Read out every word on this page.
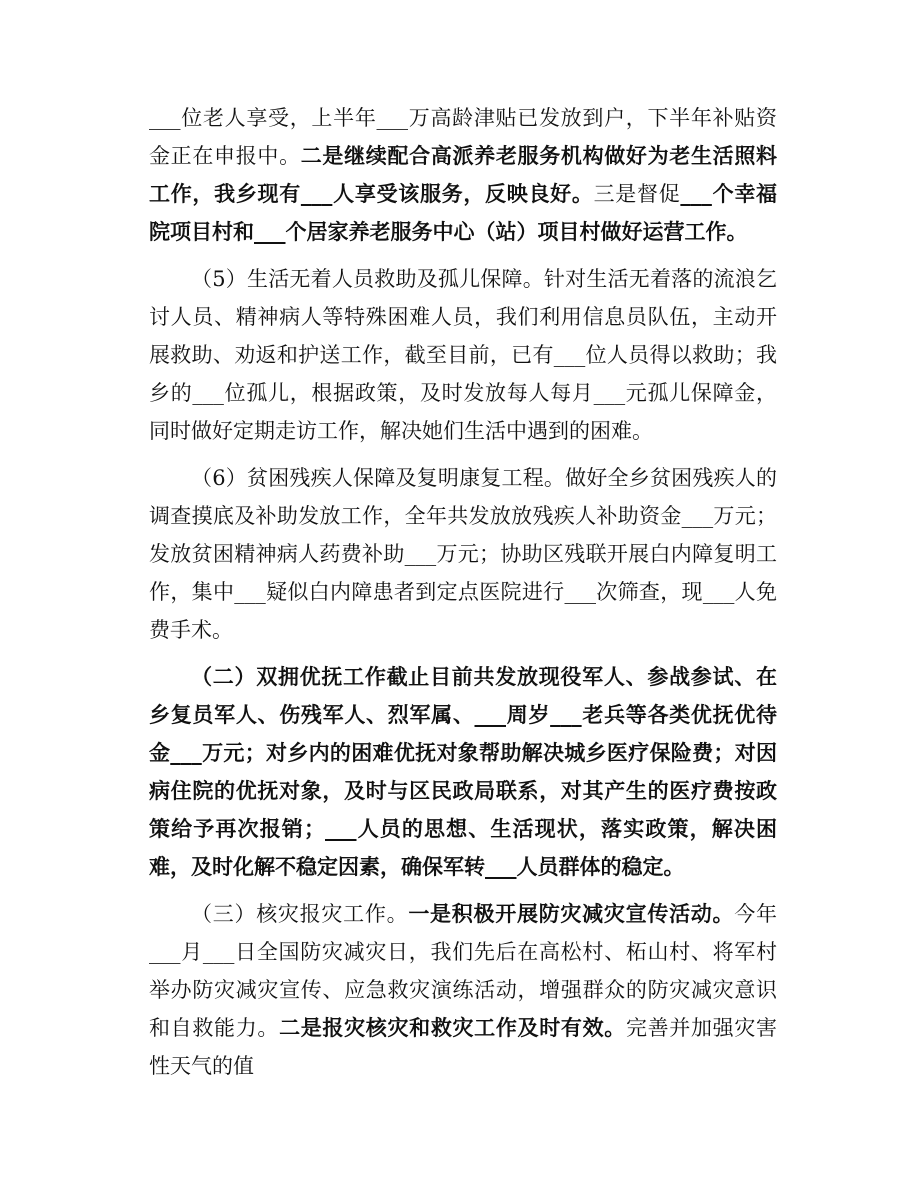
___位老人享受，上半年___万高龄津贴已发放到户，下半年补贴资金正在申报中。二是继续配合高派养老服务机构做好为老生活照料工作，我乡现有___人享受该服务，反映良好。三是督促___个幸福院项目村和___个居家养老服务中心（站）项目村做好运营工作。

（5）生活无着人员救助及孤儿保障。针对生活无着落的流浪乞讨人员、精神病人等特殊困难人员，我们利用信息员队伍，主动开展救助、劝返和护送工作，截至目前，已有___位人员得以救助；我乡的___位孤儿，根据政策，及时发放每人每月___元孤儿保障金，同时做好定期走访工作，解决她们生活中遇到的困难。

（6）贫困残疾人保障及复明康复工程。做好全乡贫困残疾人的调查摸底及补助发放工作，全年共发放放残疾人补助资金___万元；发放贫困精神病人药费补助___万元；协助区残联开展白内障复明工作，集中___疑似白内障患者到定点医院进行___次筛查，现___人免费手术。

（二）双拥优抚工作截止目前共发放现役军人、参战参试、在乡复员军人、伤残军人、烈军属、___周岁___老兵等各类优抚优待金___万元；对乡内的困难优抚对象帮助解决城乡医疗保险费；对因病住院的优抚对象，及时与区民政局联系，对其产生的医疗费按政策给予再次报销；___人员的思想、生活现状，落实政策，解决困难，及时化解不稳定因素，确保军转___人员群体的稳定。

（三）核灾报灾工作。一是积极开展防灾减灾宣传活动。今年___月___日全国防灾减灾日，我们先后在高松村、柘山村、将军村举办防灾减灾宣传、应急救灾演练活动，增强群众的防灾减灾意识和自救能力。二是报灾核灾和救灾工作及时有效。完善并加强灾害性天气的值
